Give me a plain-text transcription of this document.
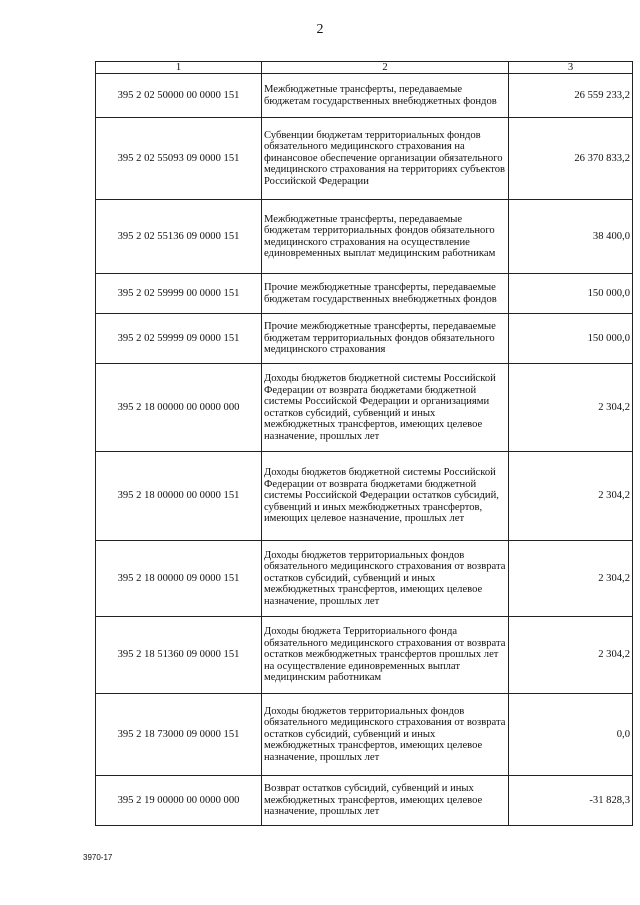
2
1	2	3
395 2 02 50000 00 0000 151	Межбюджетные трансферты, передаваемые бюджетам государственных внебюджетных фондов	26 559 233,2
395 2 02 55093 09 0000 151	Субвенции бюджетам территориальных фондов обязательного медицинского страхования на финансовое обеспечение организации обязательного медицинского страхования на территориях субъектов Российской Федерации	26 370 833,2
395 2 02 55136 09 0000 151	Межбюджетные трансферты, передаваемые бюджетам территориальных фондов обязательного медицинского страхования на осуществление единовременных выплат медицинским работникам	38 400,0
395 2 02 59999 00 0000 151	Прочие межбюджетные трансферты, передаваемые бюджетам государственных внебюджетных фондов	150 000,0
395 2 02 59999 09 0000 151	Прочие межбюджетные трансферты, передаваемые бюджетам территориальных фондов обязательного медицинского страхования	150 000,0
395 2 18 00000 00 0000 000	Доходы бюджетов бюджетной системы Российской Федерации от возврата бюджетами бюджетной системы Российской Федерации и организациями остатков субсидий, субвенций и иных межбюджетных трансфертов, имеющих целевое назначение, прошлых лет	2 304,2
395 2 18 00000 00 0000 151	Доходы бюджетов бюджетной системы Российской Федерации от возврата бюджетами бюджетной системы Российской Федерации остатков субсидий, субвенций и иных межбюджетных трансфертов, имеющих целевое назначение, прошлых лет	2 304,2
395 2 18 00000 09 0000 151	Доходы бюджетов территориальных фондов обязательного медицинского страхования от возврата остатков субсидий, субвенций и иных межбюджетных трансфертов, имеющих целевое назначение, прошлых лет	2 304,2
395 2 18 51360 09 0000 151	Доходы бюджета Территориального фонда обязательного медицинского страхования от возврата остатков межбюджетных трансфертов прошлых лет на осуществление единовременных выплат медицинским работникам	2 304,2
395 2 18 73000 09 0000 151	Доходы бюджетов территориальных фондов обязательного медицинского страхования от возврата остатков субсидий, субвенций и иных межбюджетных трансфертов, имеющих целевое назначение, прошлых лет	0,0
395 2 19 00000 00 0000 000	Возврат остатков субсидий, субвенций и иных межбюджетных трансфертов, имеющих целевое назначение, прошлых лет	-31 828,3
3970-17
